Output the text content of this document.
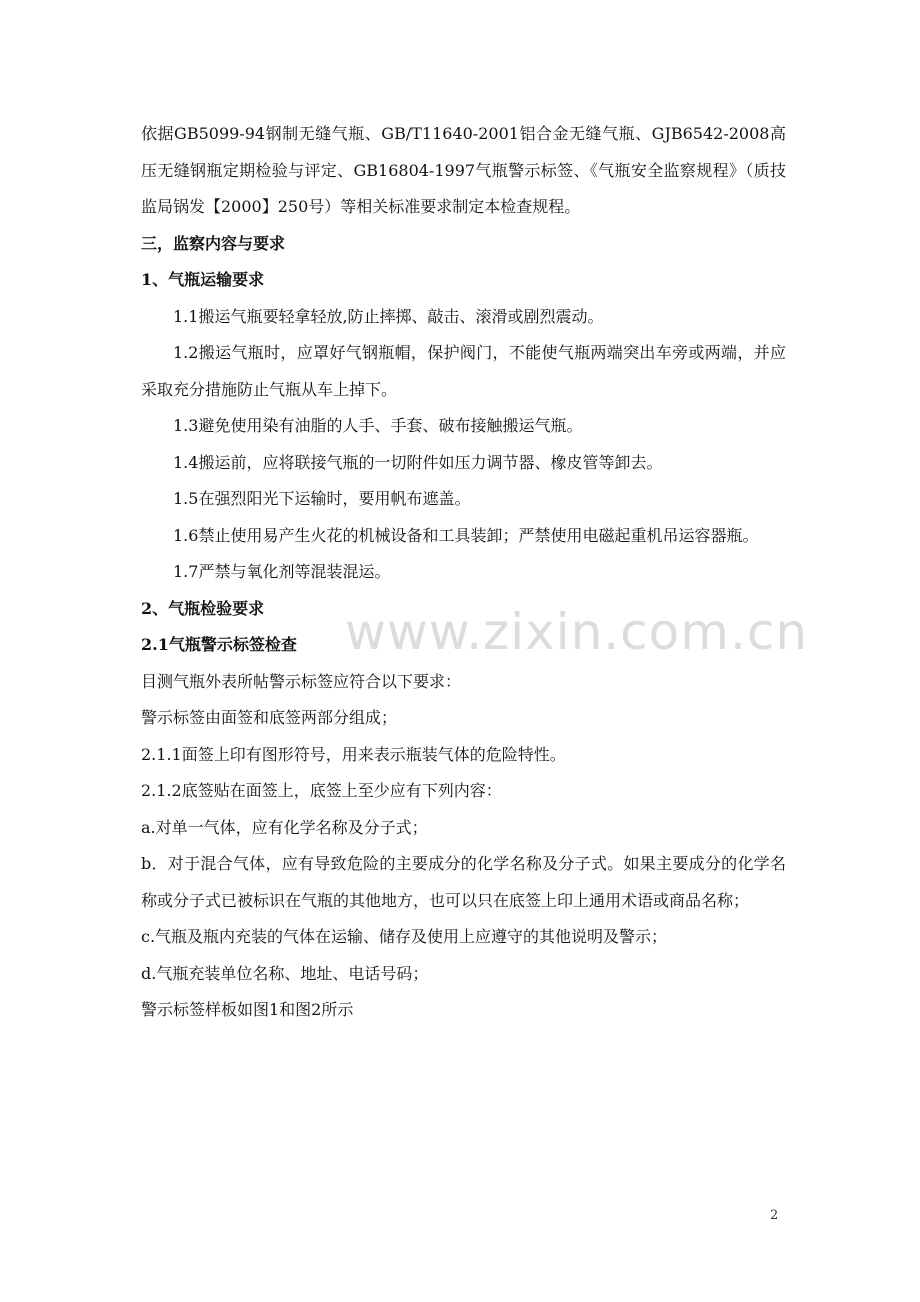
依据GB5099-94钢制无缝气瓶、GB/T11640-2001铝合金无缝气瓶、GJB6542-2008高压无缝钢瓶定期检验与评定、GB16804-1997气瓶警示标签、《气瓶安全监察规程》（质技监局锅发【2000】250号）等相关标准要求制定本检查规程。

三，监察内容与要求

1、气瓶运输要求

1.1搬运气瓶要轻拿轻放,防止摔掷、敲击、滚滑或剧烈震动。

1.2搬运气瓶时，应罩好气钢瓶帽，保护阀门，不能使气瓶两端突出车旁或两端，并应采取充分措施防止气瓶从车上掉下。

1.3避免使用染有油脂的人手、手套、破布接触搬运气瓶。

1.4搬运前，应将联接气瓶的一切附件如压力调节器、橡皮管等卸去。

1.5在强烈阳光下运输时，要用帆布遮盖。

1.6禁止使用易产生火花的机械设备和工具装卸；严禁使用电磁起重机吊运容器瓶。

1.7严禁与氧化剂等混装混运。

2、气瓶检验要求

2.1气瓶警示标签检查

目测气瓶外表所帖警示标签应符合以下要求：

警示标签由面签和底签两部分组成；

2.1.1面签上印有图形符号，用来表示瓶装气体的危险特性。

2.1.2底签贴在面签上，底签上至少应有下列内容：

a.对单一气体，应有化学名称及分子式；

b．对于混合气体，应有导致危险的主要成分的化学名称及分子式。如果主要成分的化学名称或分子式已被标识在气瓶的其他地方，也可以只在底签上印上通用术语或商品名称；

c.气瓶及瓶内充装的气体在运输、储存及使用上应遵守的其他说明及警示；

d.气瓶充装单位名称、地址、电话号码；

警示标签样板如图1和图2所示

www.zixin.com.cn
2
